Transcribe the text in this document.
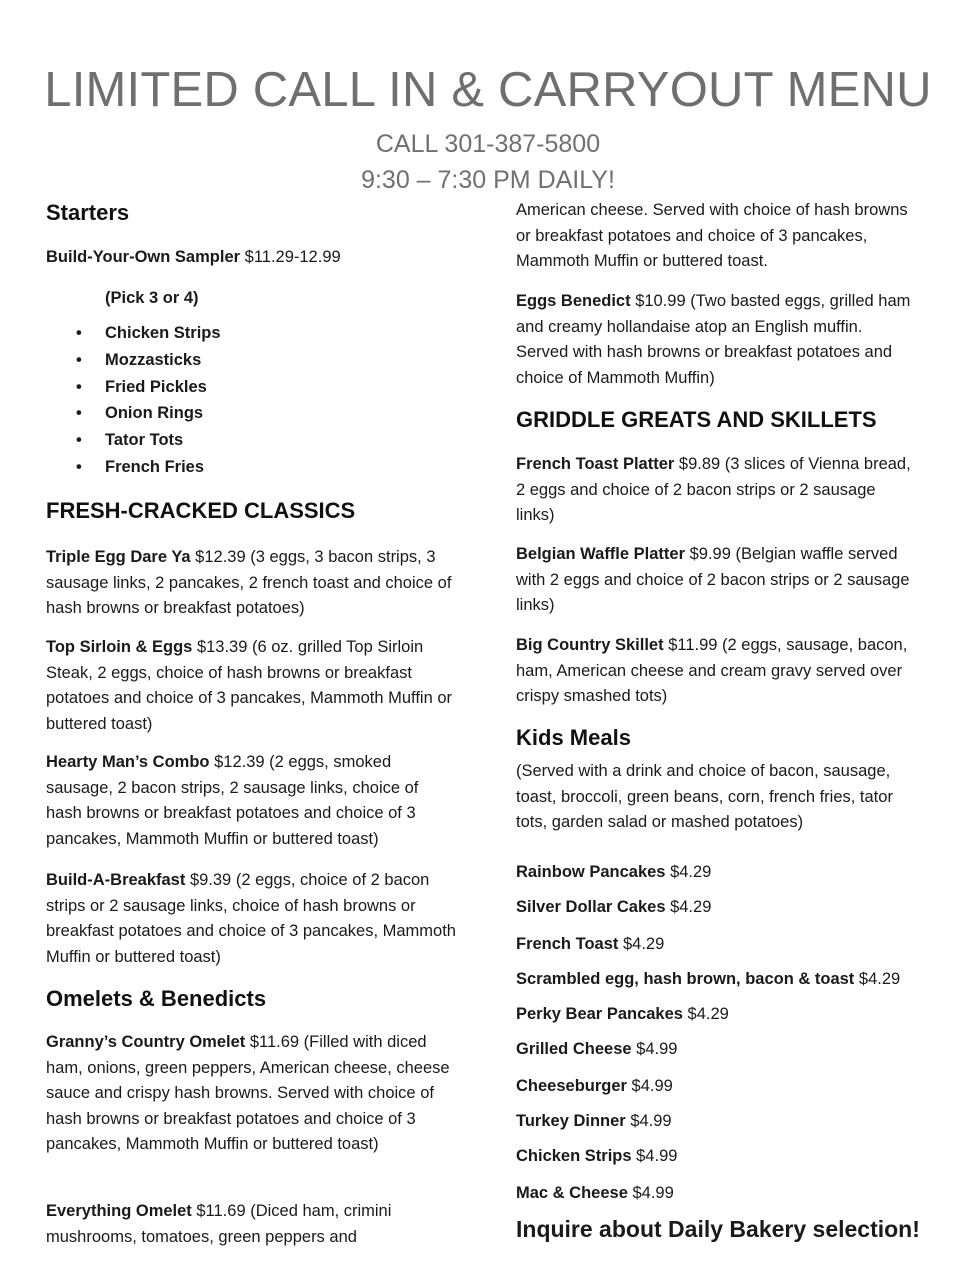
LIMITED CALL IN & CARRYOUT MENU
CALL 301-387-5800
9:30 – 7:30 PM DAILY!
Starters
Build-Your-Own Sampler $11.29-12.99
(Pick 3 or 4)
• Chicken Strips
• Mozzasticks
• Fried Pickles
• Onion Rings
• Tator Tots
• French Fries
FRESH-CRACKED CLASSICS
Triple Egg Dare Ya $12.39 (3 eggs, 3 bacon strips, 3 sausage links, 2 pancakes, 2 french toast and choice of hash browns or breakfast potatoes)
Top Sirloin & Eggs $13.39 (6 oz. grilled Top Sirloin Steak, 2 eggs, choice of hash browns or breakfast potatoes and choice of 3 pancakes, Mammoth Muffin or buttered toast)
Hearty Man’s Combo $12.39 (2 eggs, smoked sausage, 2 bacon strips, 2 sausage links, choice of hash browns or breakfast potatoes and choice of 3 pancakes, Mammoth Muffin or buttered toast)
Build-A-Breakfast $9.39 (2 eggs, choice of 2 bacon strips or 2 sausage links, choice of hash browns or breakfast potatoes and choice of 3 pancakes, Mammoth Muffin or buttered toast)
Omelets & Benedicts
Granny’s Country Omelet $11.69 (Filled with diced ham, onions, green peppers, American cheese, cheese sauce and crispy hash browns. Served with choice of hash browns or breakfast potatoes and choice of 3 pancakes, Mammoth Muffin or buttered toast)
Everything Omelet $11.69 (Diced ham, crimini mushrooms, tomatoes, green peppers and
American cheese. Served with choice of hash browns or breakfast potatoes and choice of 3 pancakes, Mammoth Muffin or buttered toast.
Eggs Benedict $10.99 (Two basted eggs, grilled ham and creamy hollandaise atop an English muffin. Served with hash browns or breakfast potatoes and choice of Mammoth Muffin)
GRIDDLE GREATS AND SKILLETS
French Toast Platter $9.89 (3 slices of Vienna bread, 2 eggs and choice of 2 bacon strips or 2 sausage links)
Belgian Waffle Platter $9.99 (Belgian waffle served with 2 eggs and choice of 2 bacon strips or 2 sausage links)
Big Country Skillet $11.99 (2 eggs, sausage, bacon, ham, American cheese and cream gravy served over crispy smashed tots)
Kids Meals
(Served with a drink and choice of bacon, sausage, toast, broccoli, green beans, corn, french fries, tator tots, garden salad or mashed potatoes)
Rainbow Pancakes $4.29
Silver Dollar Cakes $4.29
French Toast $4.29
Scrambled egg, hash brown, bacon & toast $4.29
Perky Bear Pancakes $4.29
Grilled Cheese $4.99
Cheeseburger $4.99
Turkey Dinner $4.99
Chicken Strips $4.99
Mac & Cheese $4.99
Inquire about Daily Bakery selection!
